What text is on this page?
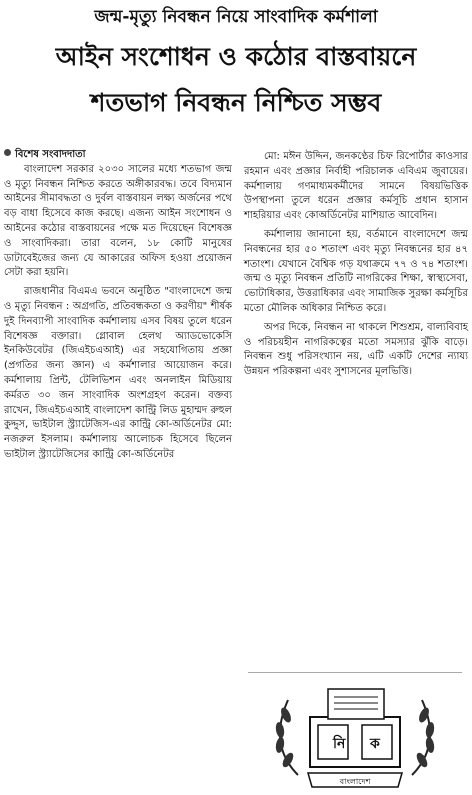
জন্ম-মৃত্যু নিবন্ধন নিয়ে সাংবাদিক কর্মশালা
আইন সংশোধন ও কঠোর বাস্তবায়নে
শতভাগ নিবন্ধন নিশ্চিত সম্ভব

বিশেষ সংবাদদাতা

বাংলাদেশ সরকার ২০৩০ সালের মধ্যে শতভাগ জন্ম ও মৃত্যু নিবন্ধন নিশ্চিত করতে অঙ্গীকারবদ্ধ। তবে বিদ্যমান আইনের সীমাবদ্ধতা ও দুর্বল বাস্তবায়ন লক্ষ্য অর্জনের পথে বড় বাধা হিসেবে কাজ করছে। এজন্য আইন সংশোধন ও আইনের কঠোর বাস্তবায়নের পক্ষে মত দিয়েছেন বিশেষজ্ঞ ও সাংবাদিকরা। তারা বলেন, ১৮ কোটি মানুষের ডাটাবেইজের জন্য যে আকারের অফিস হওয়া প্রয়োজন সেটা করা হয়নি।

রাজধানীর বিএমএ ভবনে অনুষ্ঠিত "বাংলাদেশে জন্ম ও মৃত্যু নিবন্ধন : অগ্রগতি, প্রতিবন্ধকতা ও করণীয়" শীর্ষক দুই দিনব্যাপী সাংবাদিক কর্মশালায় এসব বিষয় তুলে ধরেন বিশেষজ্ঞ বক্তারা। গ্লোবাল হেলথ অ্যাডভোকেসি ইনকিউবেটর (জিএইচএআই) এর সহযোগিতায় প্রজ্ঞা (প্রগতির জন্য জ্ঞান) এ কর্মশালার আয়োজন করে। কর্মশালায় প্রিন্ট, টেলিভিশন এবং অনলাইন মিডিয়ায় কর্মরত ৩০ জন সাংবাদিক অংশগ্রহণ করেন। বক্তব্য রাখেন, জিএইচএআই বাংলাদেশ কান্ট্রি লিড মুহাম্মদ রুহুল কুদ্দুস, ভাইটাল স্ট্র্যাটেজিস-এর কান্ট্রি কো-অর্ডিনেটর মো: নজরুল ইসলাম। কর্মশালায় আলোচক হিসেবে ছিলেন ভাইটাল স্ট্র্যাটেজিসের কান্ট্রি কো-অর্ডিনেটর

মো: মঈন উদ্দিন, জনকণ্ঠের চিফ রিপোর্টার কাওসার রহমান এবং প্রজ্ঞার নির্বাহী পরিচালক এবিএম জুবায়ের। কর্মশালায় গণমাধ্যমকর্মীদের সামনে বিষয়ভিত্তিক উপস্থাপনা তুলে ধরেন প্রজ্ঞার কর্মসূচি প্রধান হাসান শাহরিয়ার এবং কোঅর্ডিনেটর মাশিয়াত আবেদিন।

কর্মশালায় জানানো হয়, বর্তমানে বাংলাদেশে জন্ম নিবন্ধনের হার ৫০ শতাংশ এবং মৃত্যু নিবন্ধনের হার ৪৭ শতাংশ। যেখানে বৈশ্বিক গড় যথাক্রমে ৭৭ ও ৭৪ শতাংশ। জন্ম ও মৃত্যু নিবন্ধন প্রতিটি নাগরিকের শিক্ষা, স্বাস্থ্যসেবা, ভোটাধিকার, উত্তরাধিকার এবং সামাজিক সুরক্ষা কর্মসূচির মতো মৌলিক অধিকার নিশ্চিত করে।

অপর দিকে, নিবন্ধন না থাকলে শিশুশ্রম, বাল্যবিবাহ ও পরিচয়হীন নাগরিকত্বের মতো সমস্যার ঝুঁকি বাড়ে। নিবন্ধন শুধু পরিসংখ্যান নয়, এটি একটি দেশের ন্যায্য উন্নয়ন পরিকল্পনা এবং সুশাসনের মূলভিত্তি।

নি ক
বাংলাদেশ
